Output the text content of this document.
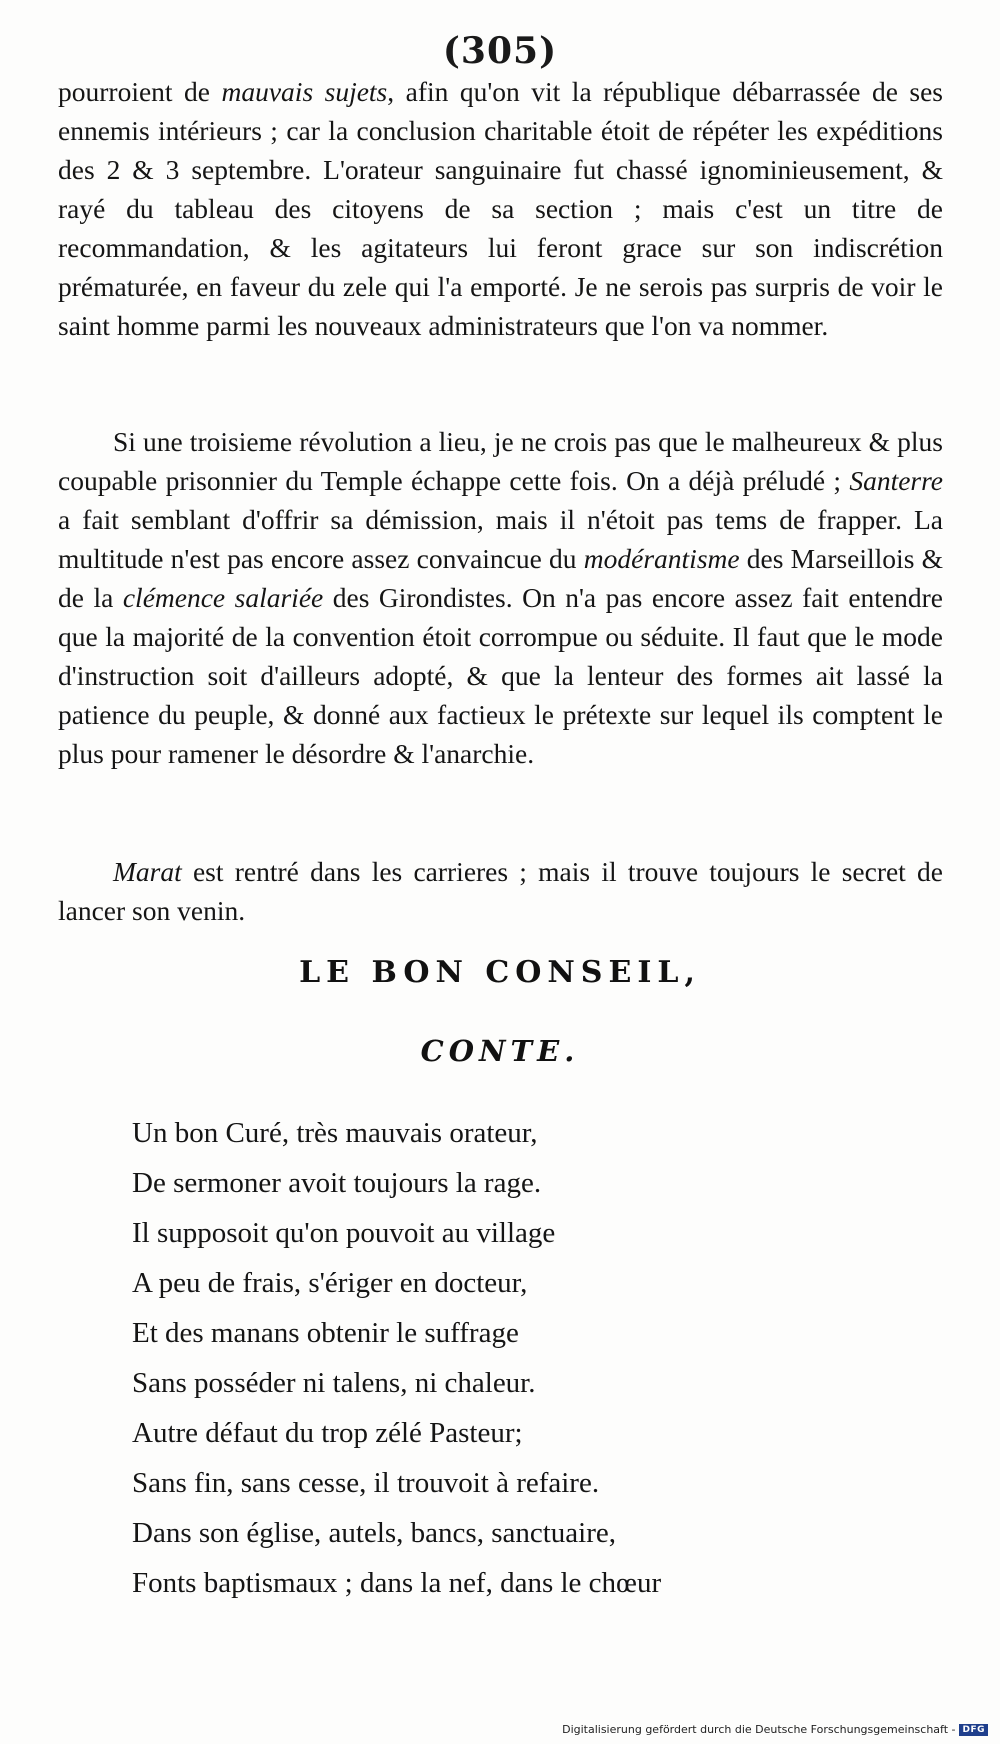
(305)

pourroient de mauvais sujets, afin qu'on vit la république débarrassée de ses ennemis intérieurs ; car la conclusion charitable étoit de répéter les expéditions des 2 & 3 septembre. L'orateur sanguinaire fut chassé ignominieusement, & rayé du tableau des citoyens de sa section ; mais c'est un titre de recommandation, & les agitateurs lui feront grace sur son indiscrétion prématurée, en faveur du zele qui l'a emporté. Je ne serois pas surpris de voir le saint homme parmi les nouveaux administrateurs que l'on va nommer.

Si une troisieme révolution a lieu, je ne crois pas que le malheureux & plus coupable prisonnier du Temple échappe cette fois. On a déjà préludé ; Santerre a fait semblant d'offrir sa démission, mais il n'étoit pas tems de frapper. La multitude n'est pas encore assez convaincue du modérantisme des Marseillois & de la clémence salariée des Girondistes. On n'a pas encore assez fait entendre que la majorité de la convention étoit corrompue ou séduite. Il faut que le mode d'instruction soit d'ailleurs adopté, & que la lenteur des formes ait lassé la patience du peuple, & donné aux factieux le prétexte sur lequel ils comptent le plus pour ramener le désordre & l'anarchie.

Marat est rentré dans les carrieres ; mais il trouve toujours le secret de lancer son venin.

LE BON CONSEIL,
CONTE.
Un bon Curé, très mauvais orateur,
De sermoner avoit toujours la rage.
Il supposoit qu'on pouvoit au village
A peu de frais, s'ériger en docteur,
Et des manans obtenir le suffrage
Sans posséder ni talens, ni chaleur.
Autre défaut du trop zélé Pasteur;
Sans fin, sans cesse, il trouvoit à refaire.
Dans son église, autels, bancs, sanctuaire,
Fonts baptismaux ; dans la nef, dans le chœur
Digitalisierung gefördert durch die Deutsche Forschungsgemeinschaft - DFG
